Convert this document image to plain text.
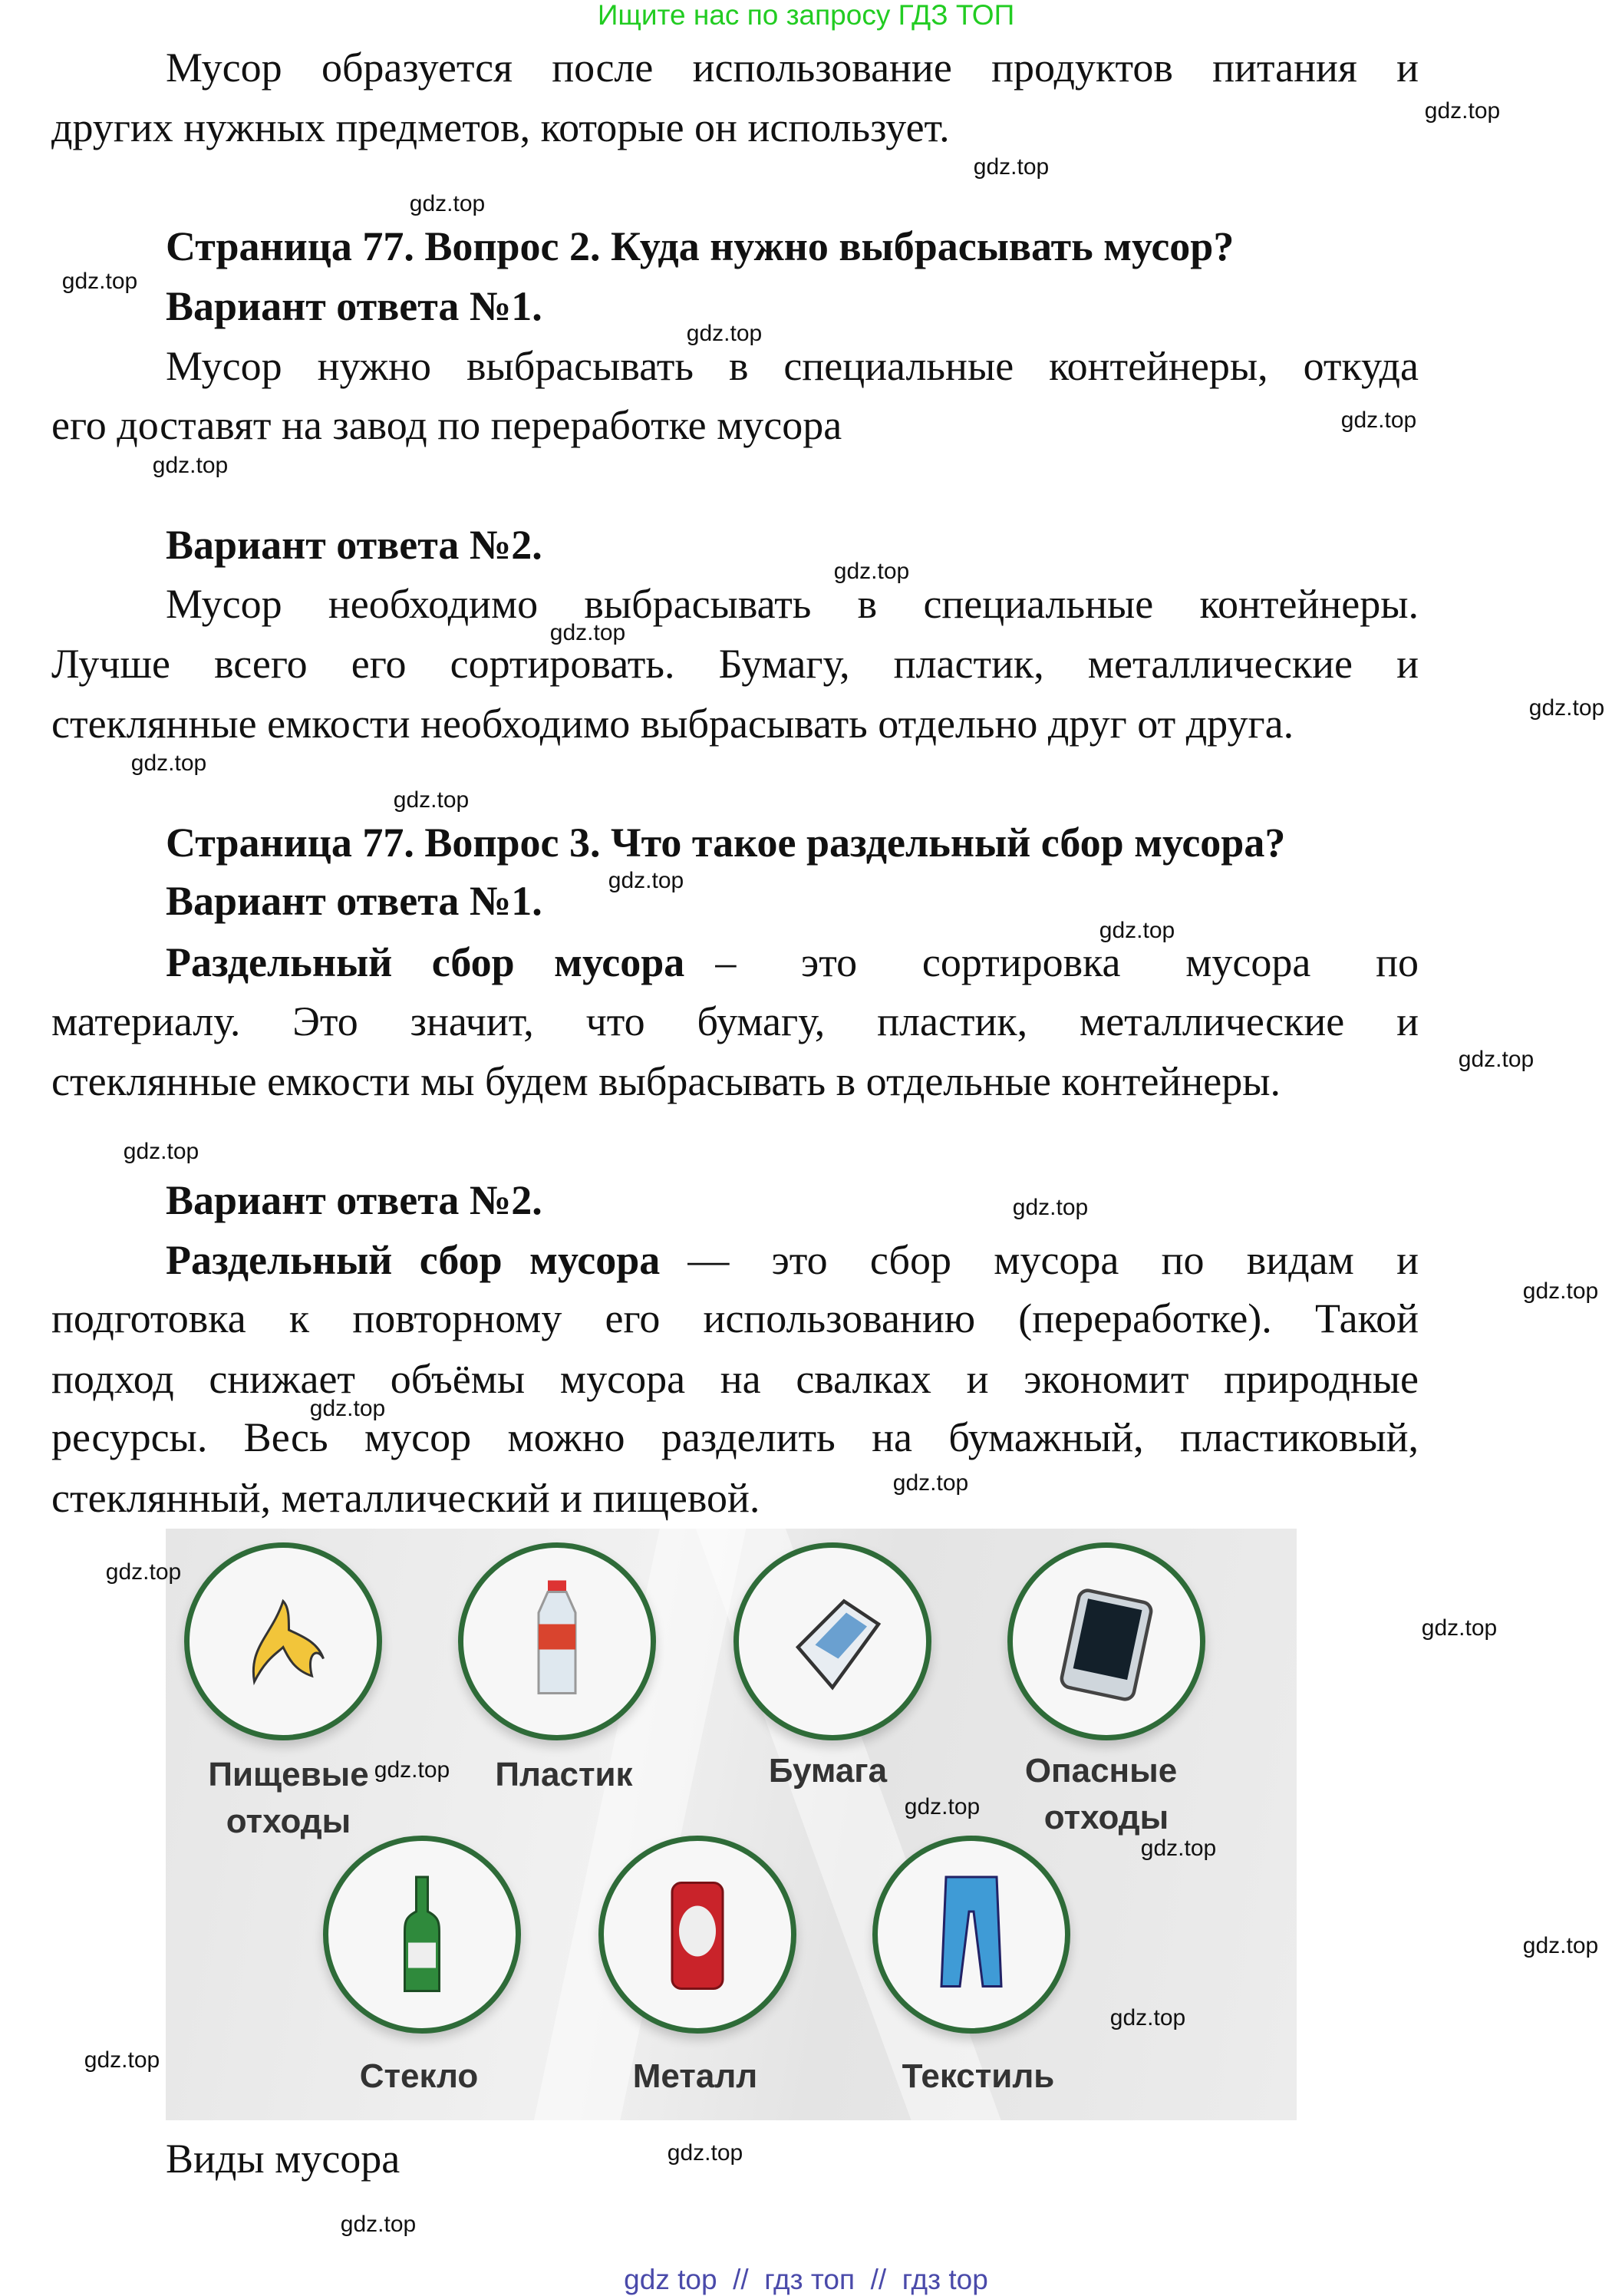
Ищите нас по запросу ГДЗ ТОП
Мусор образуется после использование продуктов питания и
других нужных предметов, которые он использует.
Страница 77. Вопрос 2. Куда нужно выбрасывать мусор?
Вариант ответа №1.
Мусор нужно выбрасывать в специальные контейнеры, откуда
его доставят на завод по переработке мусора
Вариант ответа №2.
Мусор необходимо выбрасывать в специальные контейнеры.
Лучше всего его сортировать. Бумагу, пластик, металлические и
стеклянные емкости необходимо выбрасывать отдельно друг от друга.
Страница 77. Вопрос 3. Что такое раздельный сбор мусора?
Вариант ответа №1.
Раздельный сбор мусора – это сортировка мусора по
материалу. Это значит, что бумагу, пластик, металлические и
стеклянные емкости мы будем выбрасывать в отдельные контейнеры.
Вариант ответа №2.
Раздельный сбор мусора — это сбор мусора по видам и
подготовка к повторному его использованию (переработке). Такой
подход снижает объёмы мусора на свалках и экономит природные
ресурсы. Весь мусор можно разделить на бумажный, пластиковый,
стеклянный, металлический и пищевой.
Пищевые
отходы
Пластик	Бумага	Опасные
отходы
Стекло	Металл	Текстиль
Виды мусора
gdz.top
gdz.top
gdz.top
gdz.top
gdz.top
gdz.top
gdz.top
gdz.top
gdz.top
gdz.top
gdz.top
gdz.top
gdz.top
gdz.top
gdz.top
gdz.top
gdz.top
gdz.top
gdz.top
gdz.top
gdz.top
gdz.top
gdz.top
gdz.top
gdz.top
gdz.top
gdz.top
gdz.top
gdz.top
gdz.top
gdz top  //  гдз топ  //  гдз top
